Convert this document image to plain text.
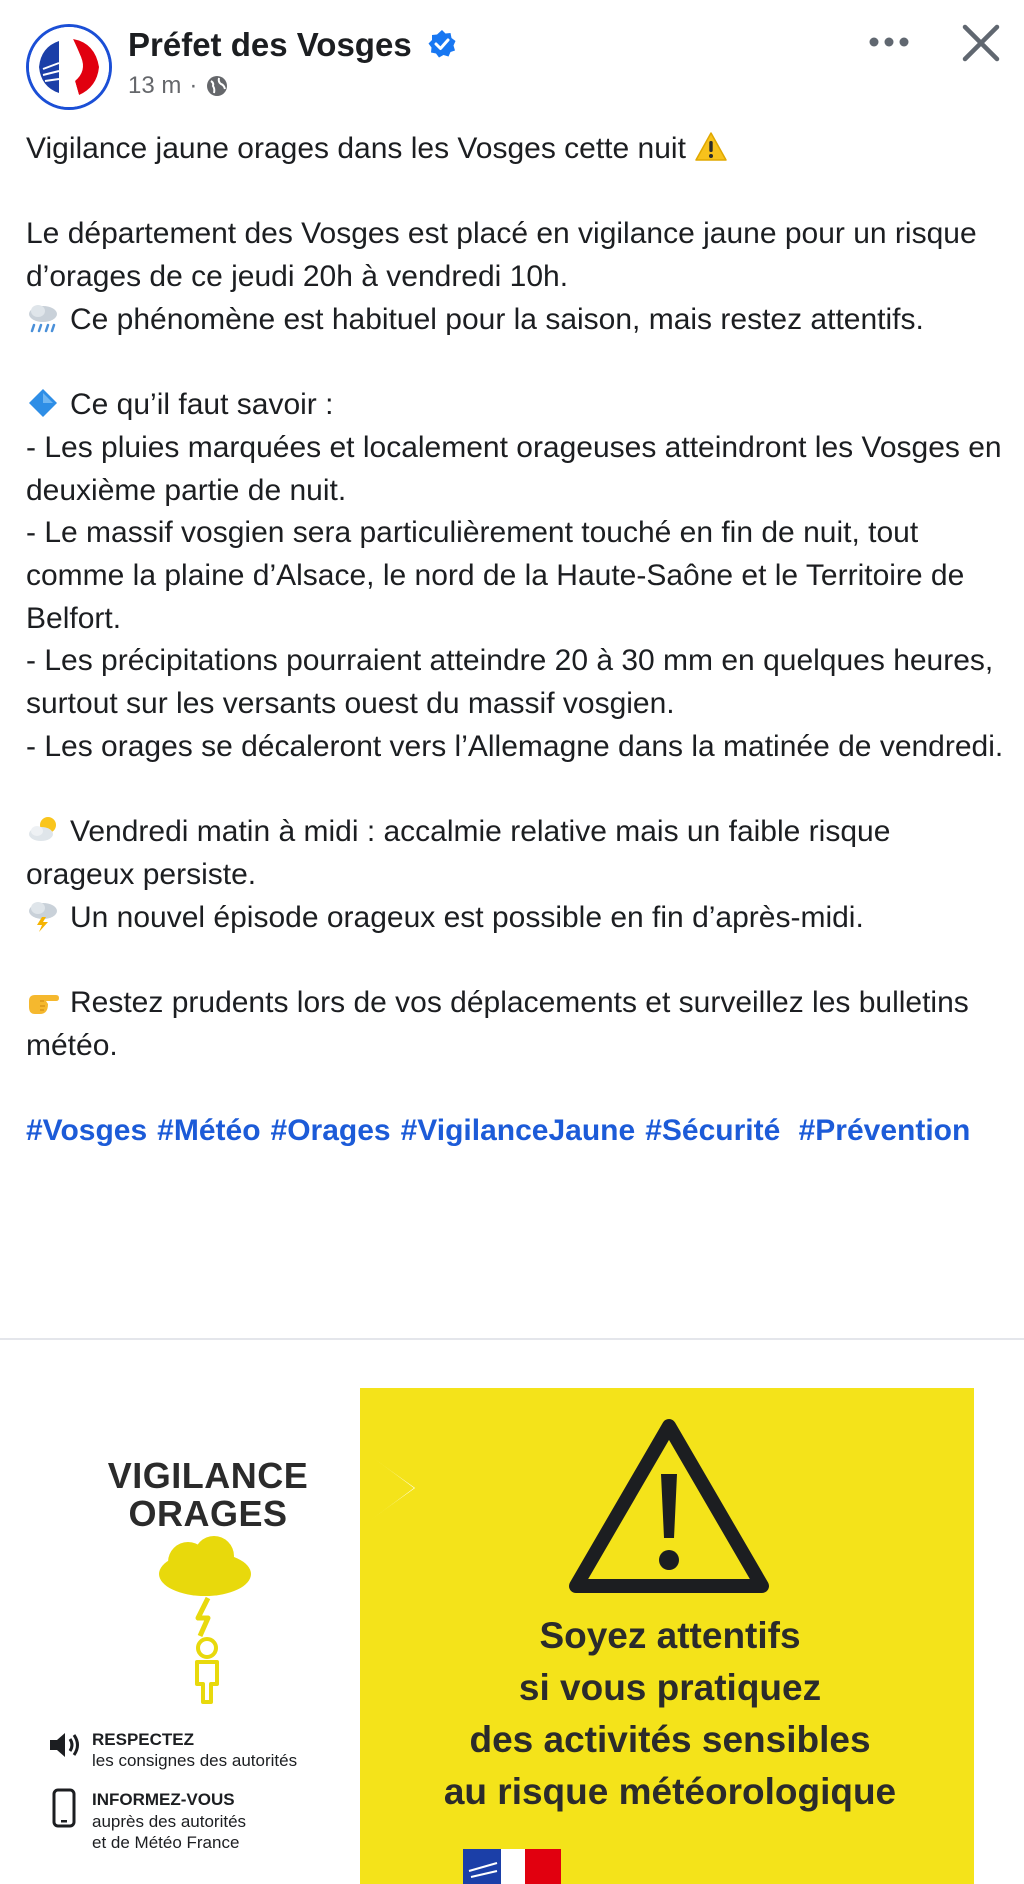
Préfet des Vosges
13 m ·

Vigilance jaune orages dans les Vosges cette nuit

Le département des Vosges est placé en vigilance jaune pour un risque d’orages de ce jeudi 20h à vendredi 10h.

Ce phénomène est habituel pour la saison, mais restez attentifs.

Ce qu’il faut savoir :

- Les pluies marquées et localement orageuses atteindront les Vosges en deuxième partie de nuit.

- Le massif vosgien sera particulièrement touché en fin de nuit, tout comme la plaine d’Alsace, le nord de la Haute-Saône et le Territoire de Belfort.

- Les précipitations pourraient atteindre 20 à 30 mm en quelques heures, surtout sur les versants ouest du massif vosgien.

- Les orages se décaleront vers l’Allemagne dans la matinée de vendredi.

Vendredi matin à midi : accalmie relative mais un faible risque orageux persiste.

Un nouvel épisode orageux est possible en fin d’après-midi.

Restez prudents lors de vos déplacements et surveillez les bulletins météo.

#Vosges #Météo #Orages #VigilanceJaune #Sécurité #Prévention

VIGILANCE
ORAGES
RESPECTEZ
les consignes des autorités
INFORMEZ-VOUS
auprès des autorités
et de Météo France
Soyez attentifs
si vous pratiquez
des activités sensibles
au risque météorologique
